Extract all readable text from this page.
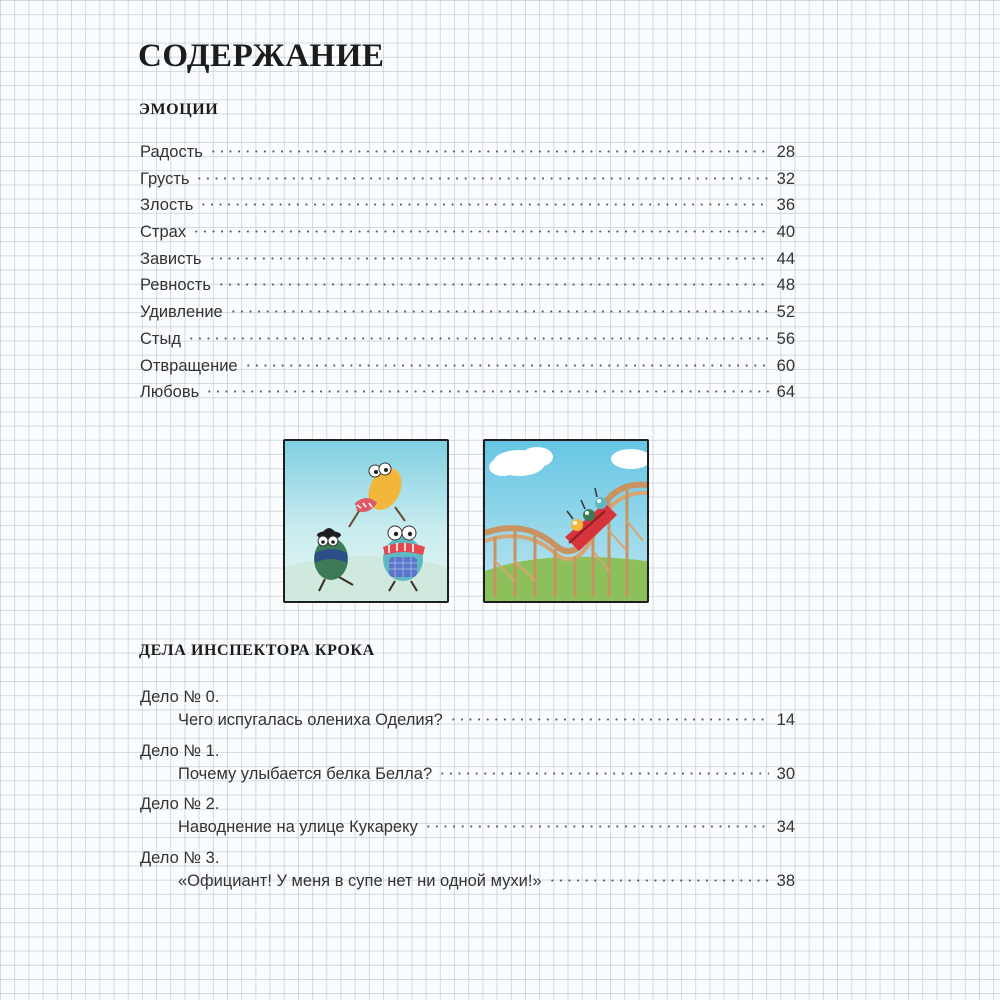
СОДЕРЖАНИЕ
ЭМОЦИИ
Радость	28
Грусть	32
Злость	36
Страх	40
Зависть	44
Ревность	48
Удивление	52
Стыд	56
Отвращение	60
Любовь	64
ДЕЛА ИНСПЕКТОРА КРОКА
Дело № 0.
Чего испугалась олениха Оделия?	14
Дело № 1.
Почему улыбается белка Белла?	30
Дело № 2.
Наводнение на улице Кукареку	34
Дело № 3.
«Официант! У меня в супе нет ни одной мухи!»	38
